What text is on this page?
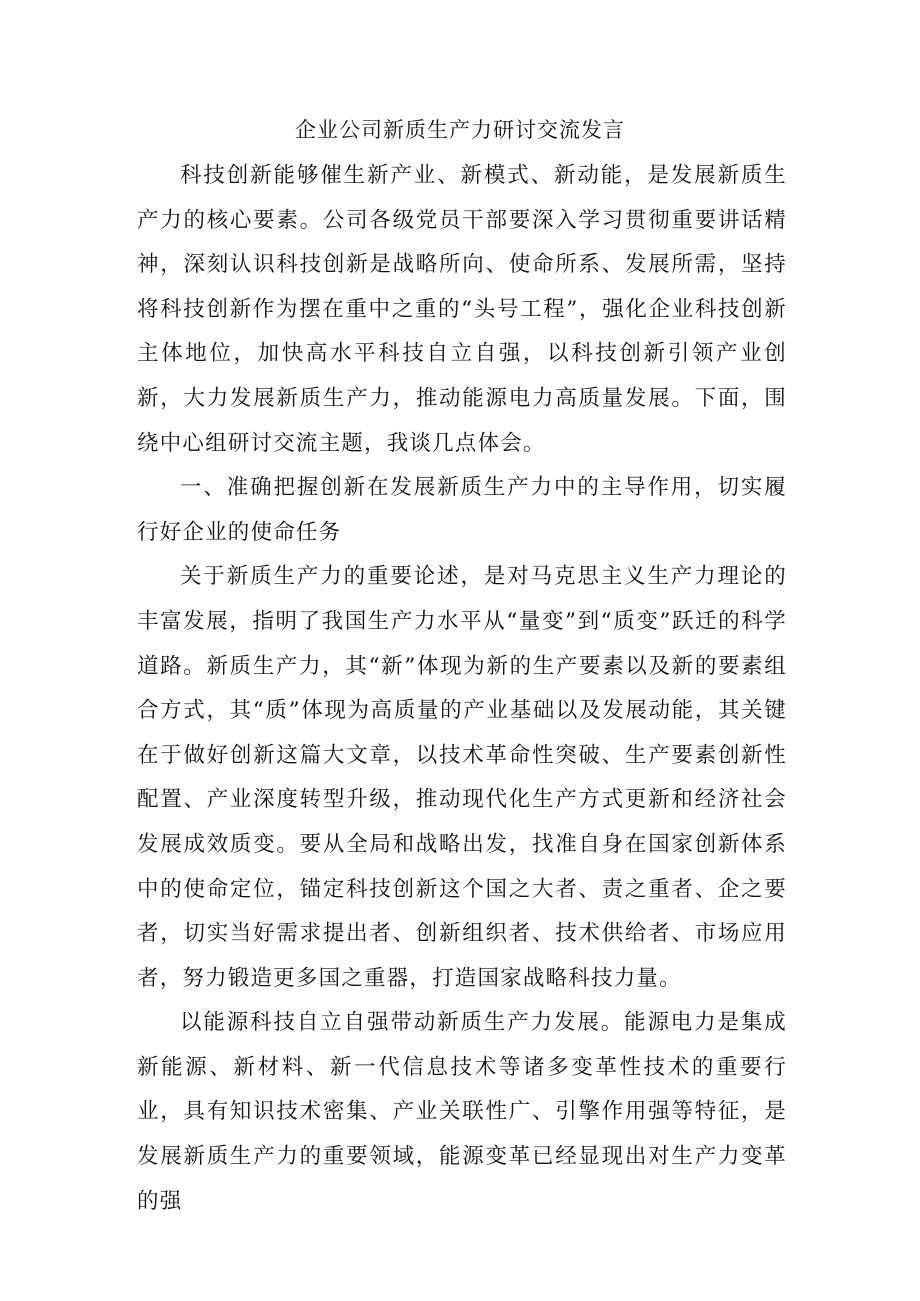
企业公司新质生产力研讨交流发言

科技创新能够催生新产业、新模式、新动能，是发展新质生产力的核心要素。公司各级党员干部要深入学习贯彻重要讲话精神，深刻认识科技创新是战略所向、使命所系、发展所需，坚持将科技创新作为摆在重中之重的“头号工程”，强化企业科技创新主体地位，加快高水平科技自立自强，以科技创新引领产业创新，大力发展新质生产力，推动能源电力高质量发展。下面，围绕中心组研讨交流主题，我谈几点体会。

一、准确把握创新在发展新质生产力中的主导作用，切实履行好企业的使命任务

关于新质生产力的重要论述，是对马克思主义生产力理论的丰富发展，指明了我国生产力水平从“量变”到“质变”跃迁的科学道路。新质生产力，其“新”体现为新的生产要素以及新的要素组合方式，其“质”体现为高质量的产业基础以及发展动能，其关键在于做好创新这篇大文章，以技术革命性突破、生产要素创新性配置、产业深度转型升级，推动现代化生产方式更新和经济社会发展成效质变。要从全局和战略出发，找准自身在国家创新体系中的使命定位，锚定科技创新这个国之大者、责之重者、企之要者，切实当好需求提出者、创新组织者、技术供给者、市场应用者，努力锻造更多国之重器，打造国家战略科技力量。

以能源科技自立自强带动新质生产力发展。能源电力是集成新能源、新材料、新一代信息技术等诸多变革性技术的重要行业，具有知识技术密集、产业关联性广、引擎作用强等特征，是发展新质生产力的重要领域，能源变革已经显现出对生产力变革的强
